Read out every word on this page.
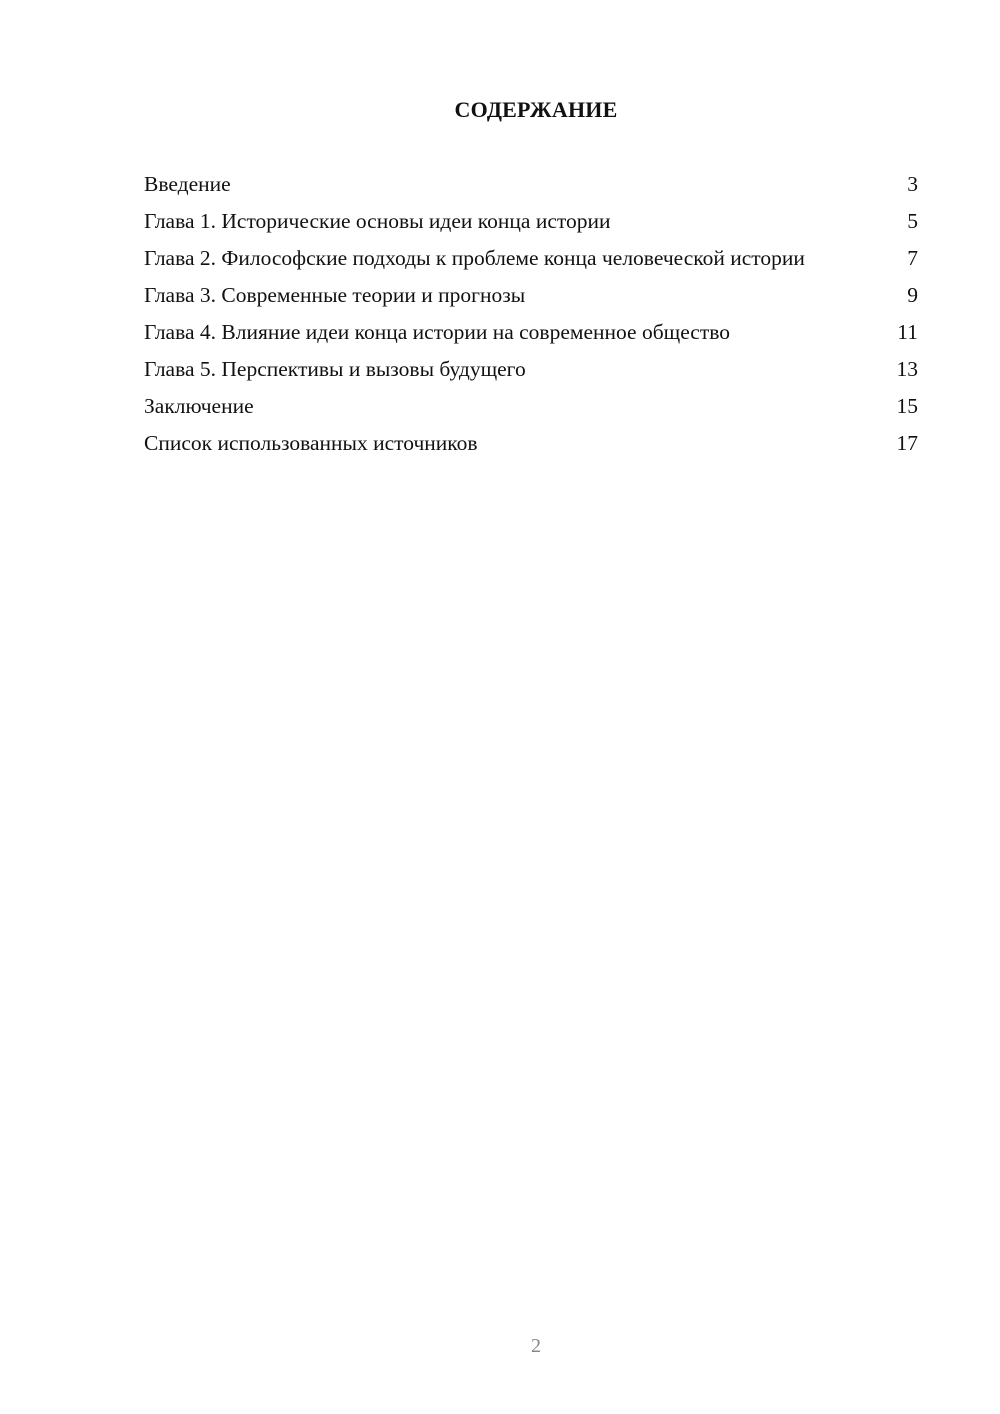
СОДЕРЖАНИЕ
Введение	3
Глава 1. Исторические основы идеи конца истории	5
Глава 2. Философские подходы к проблеме конца человеческой истории	7
Глава 3. Современные теории и прогнозы	9
Глава 4. Влияние идеи конца истории на современное общество	11
Глава 5. Перспективы и вызовы будущего	13
Заключение	15
Список использованных источников	17
2
